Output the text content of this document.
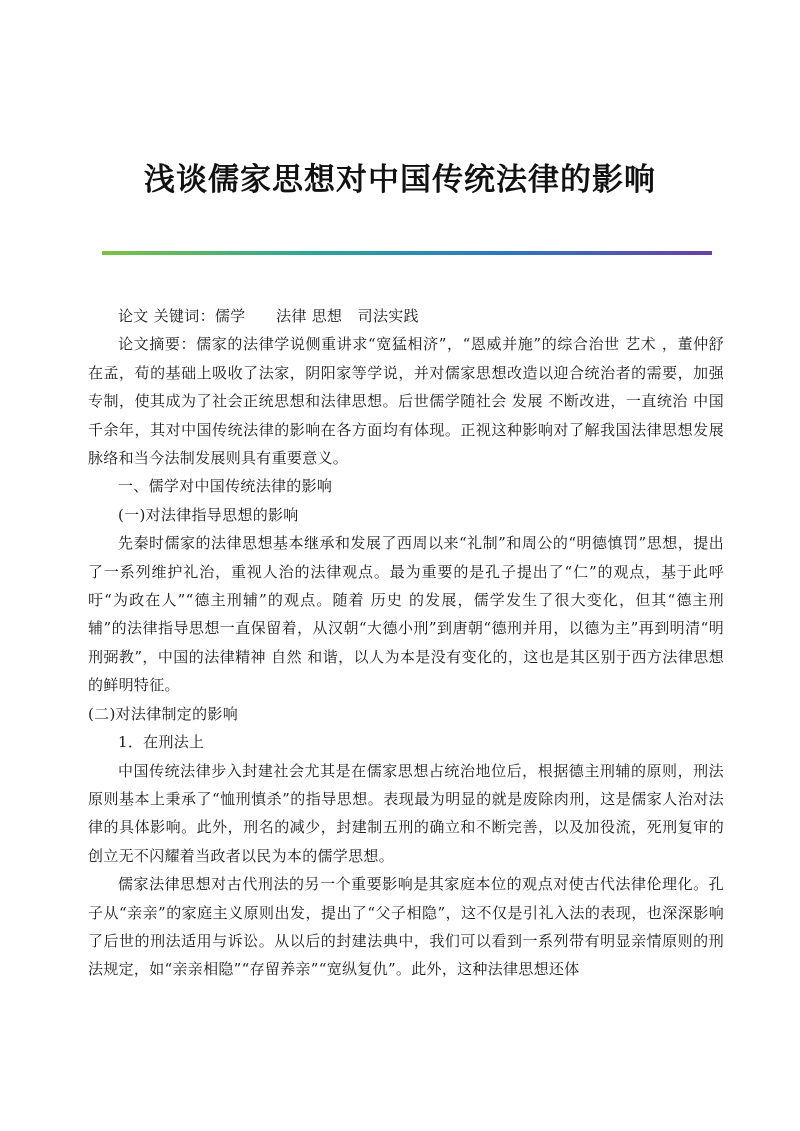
浅谈儒家思想对中国传统法律的影响

论文 关键词：儒学　　法律 思想　司法实践

论文摘要：儒家的法律学说侧重讲求“宽猛相济”，“恩威并施”的综合治世 艺术 ，董仲舒在孟，荀的基础上吸收了法家，阴阳家等学说，并对儒家思想改造以迎合统治者的需要，加强专制，使其成为了社会正统思想和法律思想。后世儒学随社会 发展 不断改进，一直统治 中国 千余年，其对中国传统法律的影响在各方面均有体现。正视这种影响对了解我国法律思想发展脉络和当今法制发展则具有重要意义。

一、儒学对中国传统法律的影响

(一)对法律指导思想的影响

先秦时儒家的法律思想基本继承和发展了西周以来“礼制”和周公的“明德慎罚”思想，提出了一系列维护礼治，重视人治的法律观点。最为重要的是孔子提出了“仁”的观点，基于此呼吁“为政在人”“德主刑辅”的观点。随着 历史 的发展，儒学发生了很大变化，但其“德主刑辅”的法律指导思想一直保留着，从汉朝“大德小刑”到唐朝“德刑并用，以德为主”再到明清“明刑弼教”，中国的法律精神 自然 和谐，以人为本是没有变化的，这也是其区别于西方法律思想的鲜明特征。

(二)对法律制定的影响

1．在刑法上

中国传统法律步入封建社会尤其是在儒家思想占统治地位后，根据德主刑辅的原则，刑法原则基本上秉承了“恤刑慎杀”的指导思想。表现最为明显的就是废除肉刑，这是儒家人治对法律的具体影响。此外，刑名的减少，封建制五刑的确立和不断完善，以及加役流，死刑复审的创立无不闪耀着当政者以民为本的儒学思想。

儒家法律思想对古代刑法的另一个重要影响是其家庭本位的观点对使古代法律伦理化。孔子从“亲亲”的家庭主义原则出发，提出了“父子相隐”，这不仅是引礼入法的表现，也深深影响了后世的刑法适用与诉讼。从以后的封建法典中，我们可以看到一系列带有明显亲情原则的刑法规定，如“亲亲相隐”“存留养亲”“宽纵复仇”。此外，这种法律思想还体
